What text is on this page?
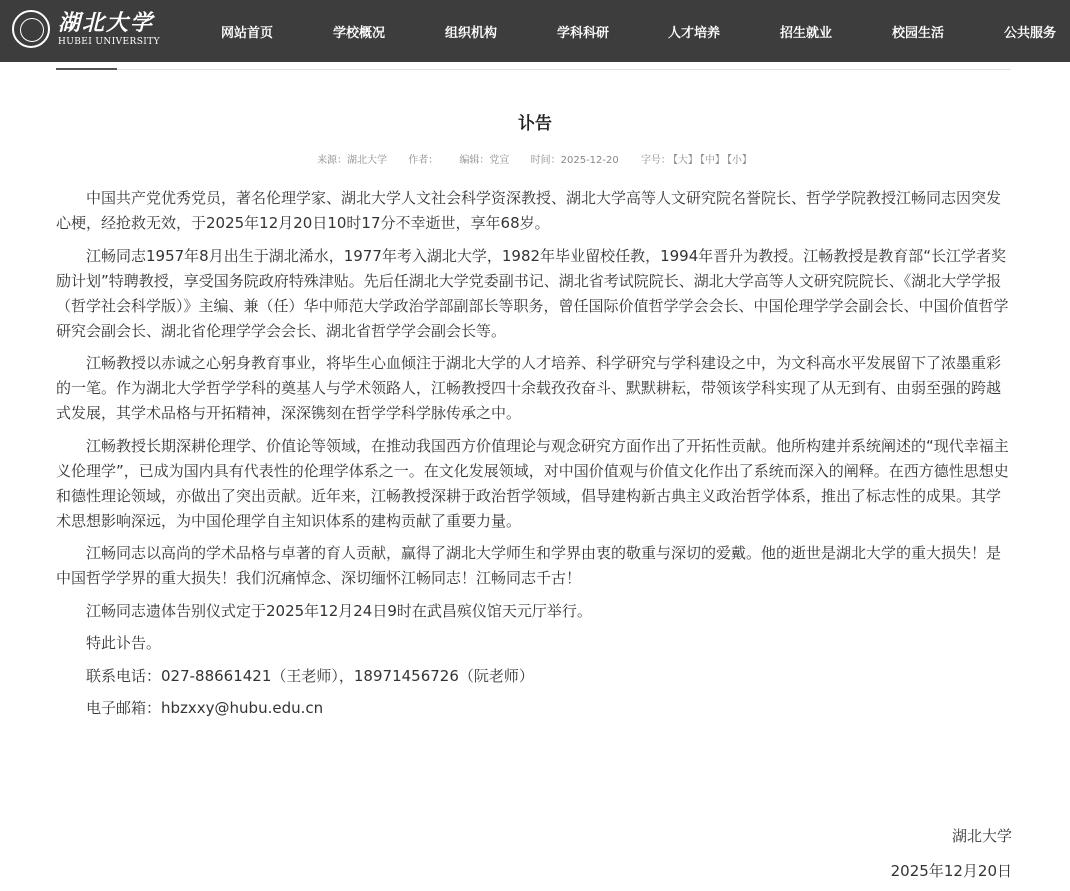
湖北大学
HUBEI UNIVERSITY
网站首页	学校概况	组织机构	学科科研	人才培养	招生就业	校园生活	公共服务
讣告
来源：湖北大学 作者： 编辑：党宣 时间：2025-12-20 字号： 【大】 【中】 【小】

中国共产党优秀党员，著名伦理学家、湖北大学人文社会科学资深教授、湖北大学高等人文研究院名誉院长、哲学学院教授江畅同志因突发心梗，经抢救无效，于2025年12月20日10时17分不幸逝世，享年68岁。

江畅同志1957年8月出生于湖北浠水，1977年考入湖北大学，1982年毕业留校任教，1994年晋升为教授。江畅教授是教育部“长江学者奖励计划”特聘教授，享受国务院政府特殊津贴。先后任湖北大学党委副书记、湖北省考试院院长、湖北大学高等人文研究院院长、《湖北大学学报（哲学社会科学版）》主编、兼（任）华中师范大学政治学部副部长等职务，曾任国际价值哲学学会会长、中国伦理学学会副会长、中国价值哲学研究会副会长、湖北省伦理学学会会长、湖北省哲学学会副会长等。

江畅教授以赤诚之心躬身教育事业，将毕生心血倾注于湖北大学的人才培养、科学研究与学科建设之中，为文科高水平发展留下了浓墨重彩的一笔。作为湖北大学哲学学科的奠基人与学术领路人，江畅教授四十余载孜孜奋斗、默默耕耘，带领该学科实现了从无到有、由弱至强的跨越式发展，其学术品格与开拓精神，深深镌刻在哲学学科学脉传承之中。

江畅教授长期深耕伦理学、价值论等领域，在推动我国西方价值理论与观念研究方面作出了开拓性贡献。他所构建并系统阐述的“现代幸福主义伦理学”，已成为国内具有代表性的伦理学体系之一。在文化发展领域，对中国价值观与价值文化作出了系统而深入的阐释。在西方德性思想史和德性理论领域，亦做出了突出贡献。近年来，江畅教授深耕于政治哲学领域，倡导建构新古典主义政治哲学体系，推出了标志性的成果。其学术思想影响深远，为中国伦理学自主知识体系的建构贡献了重要力量。

江畅同志以高尚的学术品格与卓著的育人贡献，赢得了湖北大学师生和学界由衷的敬重与深切的爱戴。他的逝世是湖北大学的重大损失！是中国哲学学界的重大损失！我们沉痛悼念、深切缅怀江畅同志！江畅同志千古！

江畅同志遗体告别仪式定于2025年12月24日9时在武昌殡仪馆天元厅举行。

特此讣告。

联系电话：027-88661421（王老师），18971456726（阮老师）

电子邮箱：hbzxxy@hubu.edu.cn

湖北大学
2025年12月20日
